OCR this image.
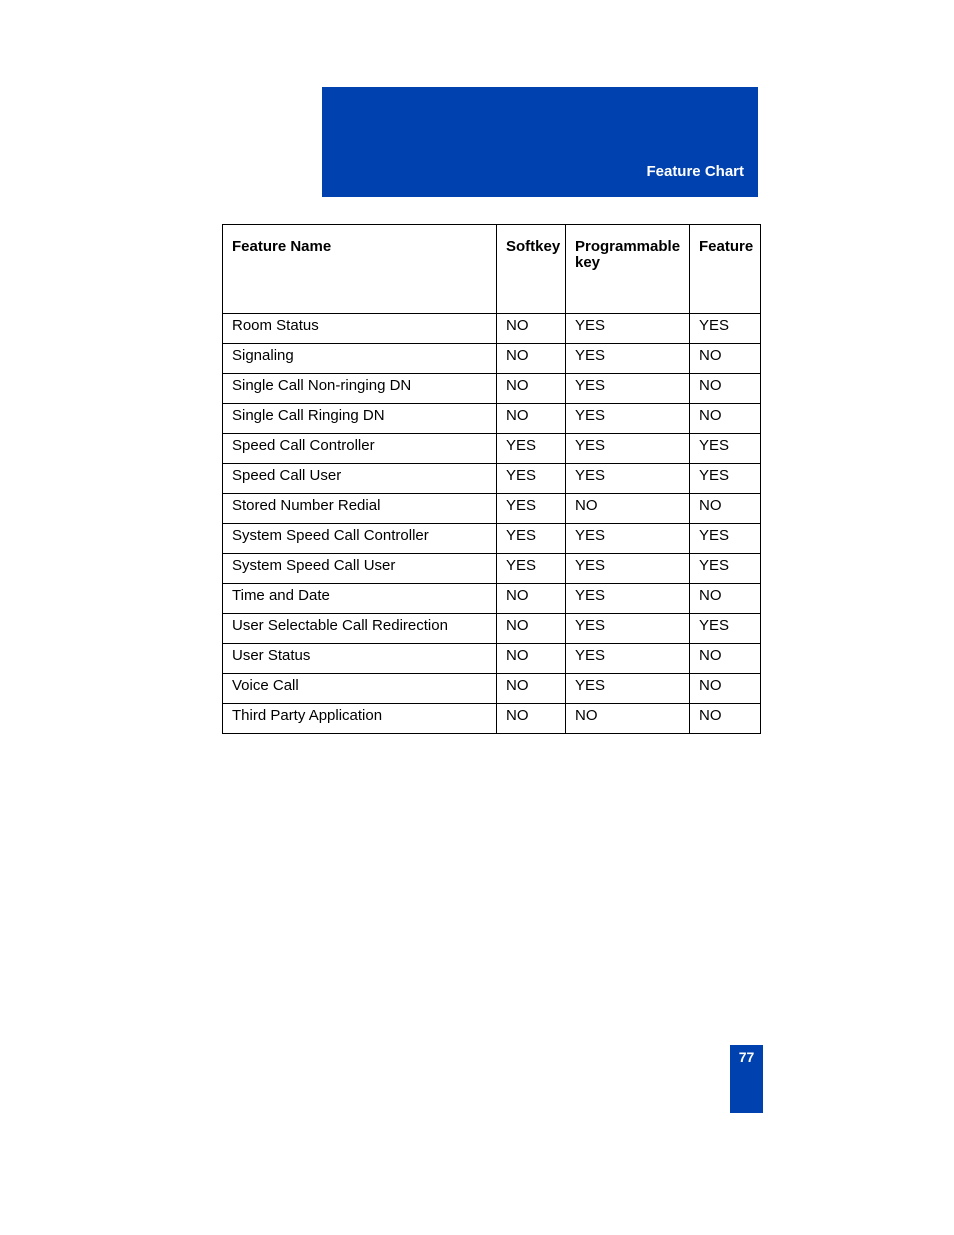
Feature Chart
Feature Name	Softkey	Programmable key	Feature
Room Status	NO	YES	YES
Signaling	NO	YES	NO
Single Call Non-ringing DN	NO	YES	NO
Single Call Ringing DN	NO	YES	NO
Speed Call Controller	YES	YES	YES
Speed Call User	YES	YES	YES
Stored Number Redial	YES	NO	NO
System Speed Call Controller	YES	YES	YES
System Speed Call User	YES	YES	YES
Time and Date	NO	YES	NO
User Selectable Call Redirection	NO	YES	YES
User Status	NO	YES	NO
Voice Call	NO	YES	NO
Third Party Application	NO	NO	NO
77
